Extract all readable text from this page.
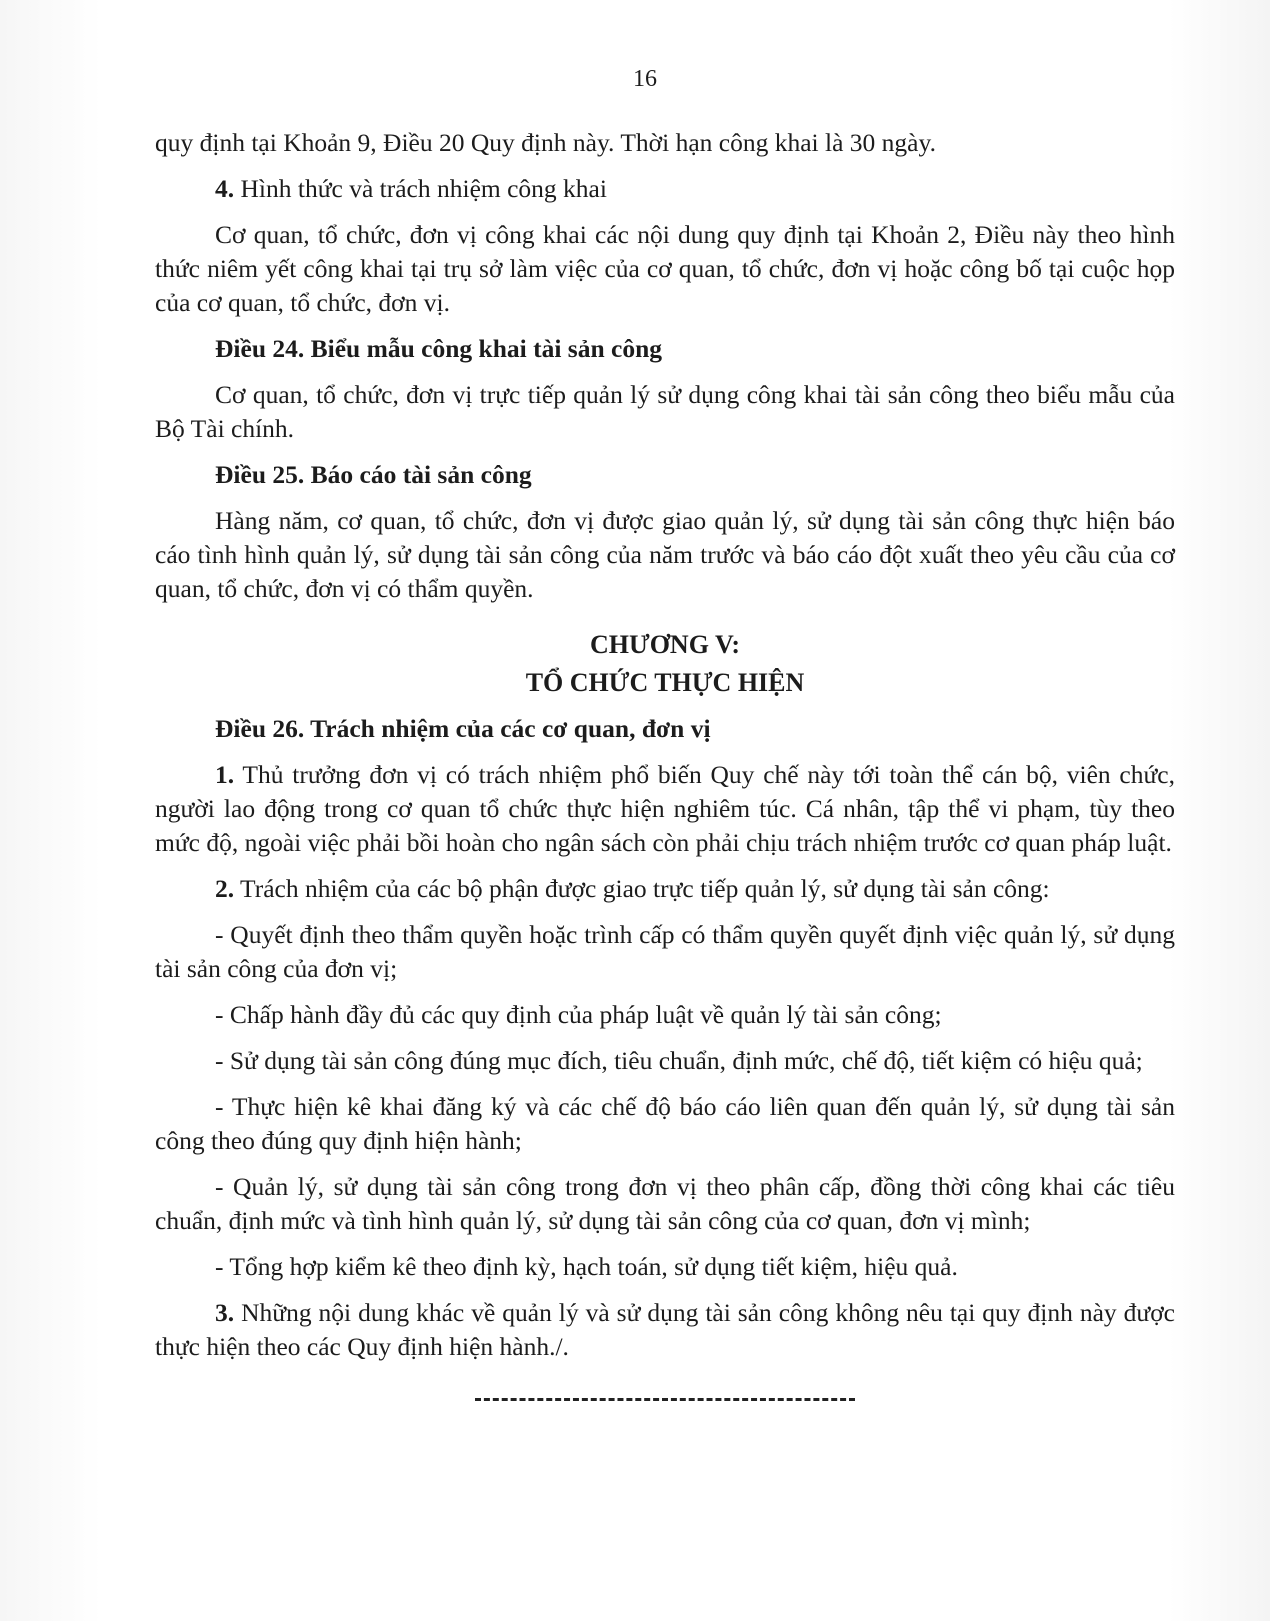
16

quy định tại Khoản 9, Điều 20 Quy định này. Thời hạn công khai là 30 ngày.

4. Hình thức và trách nhiệm công khai

Cơ quan, tổ chức, đơn vị công khai các nội dung quy định tại Khoản 2, Điều này theo hình thức niêm yết công khai tại trụ sở làm việc của cơ quan, tổ chức, đơn vị hoặc công bố tại cuộc họp của cơ quan, tổ chức, đơn vị.

Điều 24. Biểu mẫu công khai tài sản công

Cơ quan, tổ chức, đơn vị trực tiếp quản lý sử dụng công khai tài sản công theo biểu mẫu của Bộ Tài chính.

Điều 25. Báo cáo tài sản công

Hàng năm, cơ quan, tổ chức, đơn vị được giao quản lý, sử dụng tài sản công thực hiện báo cáo tình hình quản lý, sử dụng tài sản công của năm trước và báo cáo đột xuất theo yêu cầu của cơ quan, tổ chức, đơn vị có thẩm quyền.

CHƯƠNG V:

TỔ CHỨC THỰC HIỆN

Điều 26. Trách nhiệm của các cơ quan, đơn vị

1. Thủ trưởng đơn vị có trách nhiệm phổ biến Quy chế này tới toàn thể cán bộ, viên chức, người lao động trong cơ quan tổ chức thực hiện nghiêm túc. Cá nhân, tập thể vi phạm, tùy theo mức độ, ngoài việc phải bồi hoàn cho ngân sách còn phải chịu trách nhiệm trước cơ quan pháp luật.

2. Trách nhiệm của các bộ phận được giao trực tiếp quản lý, sử dụng tài sản công:

- Quyết định theo thẩm quyền hoặc trình cấp có thẩm quyền quyết định việc quản lý, sử dụng tài sản công của đơn vị;

- Chấp hành đầy đủ các quy định của pháp luật về quản lý tài sản công;

- Sử dụng tài sản công đúng mục đích, tiêu chuẩn, định mức, chế độ, tiết kiệm có hiệu quả;

- Thực hiện kê khai đăng ký và các chế độ báo cáo liên quan đến quản lý, sử dụng tài sản công theo đúng quy định hiện hành;

- Quản lý, sử dụng tài sản công trong đơn vị theo phân cấp, đồng thời công khai các tiêu chuẩn, định mức và tình hình quản lý, sử dụng tài sản công của cơ quan, đơn vị mình;

- Tổng hợp kiểm kê theo định kỳ, hạch toán, sử dụng tiết kiệm, hiệu quả.

3. Những nội dung khác về quản lý và sử dụng tài sản công không nêu tại quy định này được thực hiện theo các Quy định hiện hành./.
